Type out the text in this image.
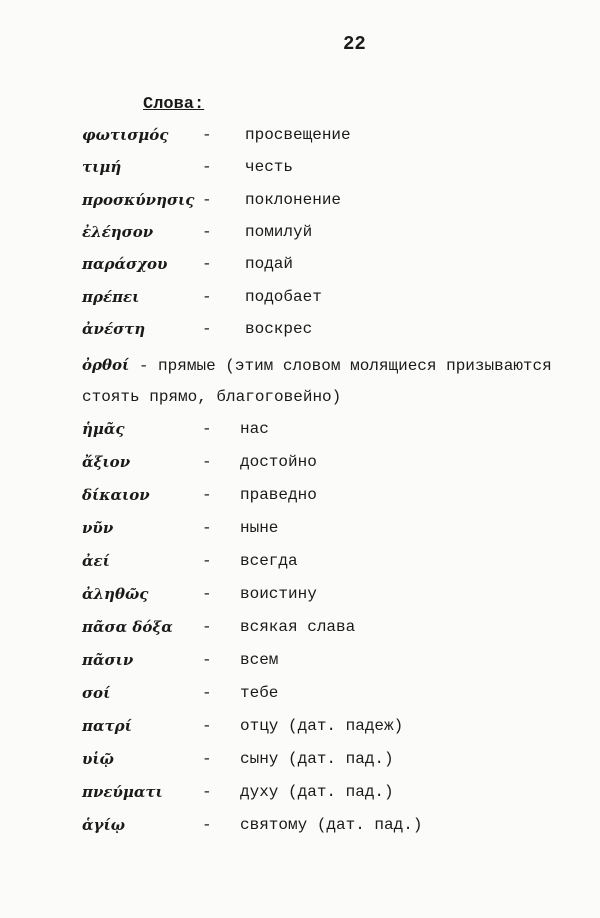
22
Слова:
φωτισμός - просвещение
τιμή	- честь
προσκύνησις - поклонение
ἐλέησον	- помилуй
παράσχου - подай
πρέπει	- подобает
ἀνέστη	- воскрес
ὀρθοί - прямые (этим словом молящиеся призываются
стоять прямо, благоговейно)
ἡμᾶς	- нас
ἄξιον	- достойно
δίκαιον	- праведно
νῦν	- ныне
ἀεί	- всегда
ἀληθῶς	- воистину
πᾶσα δόξα - всякая слава
πᾶσιν	- всем
σοί	- тебе
πατρί	- отцу (дат. падеж)
υἱῷ	- сыну (дат. пад.)
πνεύματι - духу (дат. пад.)
ἁγίῳ	- святому (дат. пад.)
